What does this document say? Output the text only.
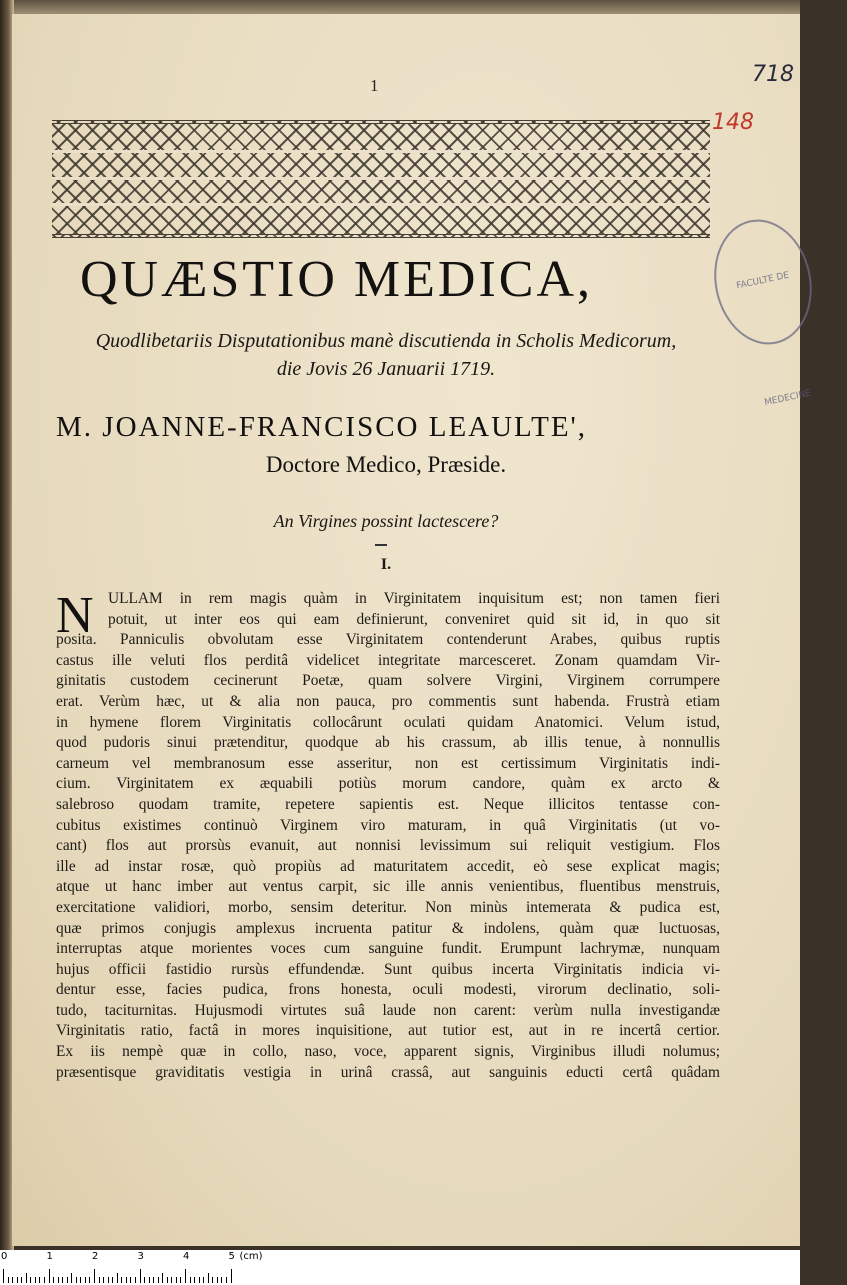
1	718
148
FACULTE DE MEDECINE
QUÆSTIO MEDICA,
Quodlibetariis Disputationibus manè discutienda in Scholis Medicorum,
die Jovis 26 Januarii 1719.
M. JOANNE-FRANCISCO LEAULTE',
Doctore Medico, Præside.
An Virgines possint lactescere?
I.
N ULLAM in rem magis quàm in Virginitatem inquisitum est; non tamen fieri
potuit, ut inter eos qui eam definierunt, conveniret quid sit id, in quo sit
posita. Panniculis obvolutam esse Virginitatem contenderunt Arabes, quibus ruptis
castus ille veluti flos perditâ videlicet integritate marcesceret. Zonam quamdam Vir-
ginitatis custodem cecinerunt Poetæ, quam solvere Virgini, Virginem corrumpere
erat. Verùm hæc, ut & alia non pauca, pro commentis sunt habenda. Frustrà etiam
in hymene florem Virginitatis collocârunt oculati quidam Anatomici. Velum istud,
quod pudoris sinui prætenditur, quodque ab his crassum, ab illis tenue, à nonnullis
carneum vel membranosum esse asseritur, non est certissimum Virginitatis indi-
cium. Virginitatem ex æquabili potiùs morum candore, quàm ex arcto &
salebroso quodam tramite, repetere sapientis est. Neque illicitos tentasse con-
cubitus existimes continuò Virginem viro maturam, in quâ Virginitatis (ut vo-
cant) flos aut prorsùs evanuit, aut nonnisi levissimum sui reliquit vestigium. Flos
ille ad instar rosæ, quò propiùs ad maturitatem accedit, eò sese explicat magis;
atque ut hanc imber aut ventus carpit, sic ille annis venientibus, fluentibus menstruis,
exercitatione validiori, morbo, sensim deteritur. Non minùs intemerata & pudica est,
quæ primos conjugis amplexus incruenta patitur & indolens, quàm quæ luctuosas,
interruptas atque morientes voces cum sanguine fundit. Erumpunt lachrymæ, nunquam
hujus officii fastidio rursùs effundendæ. Sunt quibus incerta Virginitatis indicia vi-
dentur esse, facies pudica, frons honesta, oculi modesti, virorum declinatio, soli-
tudo, taciturnitas. Hujusmodi virtutes suâ laude non carent: verùm nulla investigandæ
Virginitatis ratio, factâ in mores inquisitione, aut tutior est, aut in re incertâ certior.
Ex iis nempè quæ in collo, naso, voce, apparent signis, Virginibus illudi nolumus;
præsentisque graviditatis vestigia in urinâ crassâ, aut sanguinis educti certâ quâdam
0	1	2	3	4	5 (cm)
